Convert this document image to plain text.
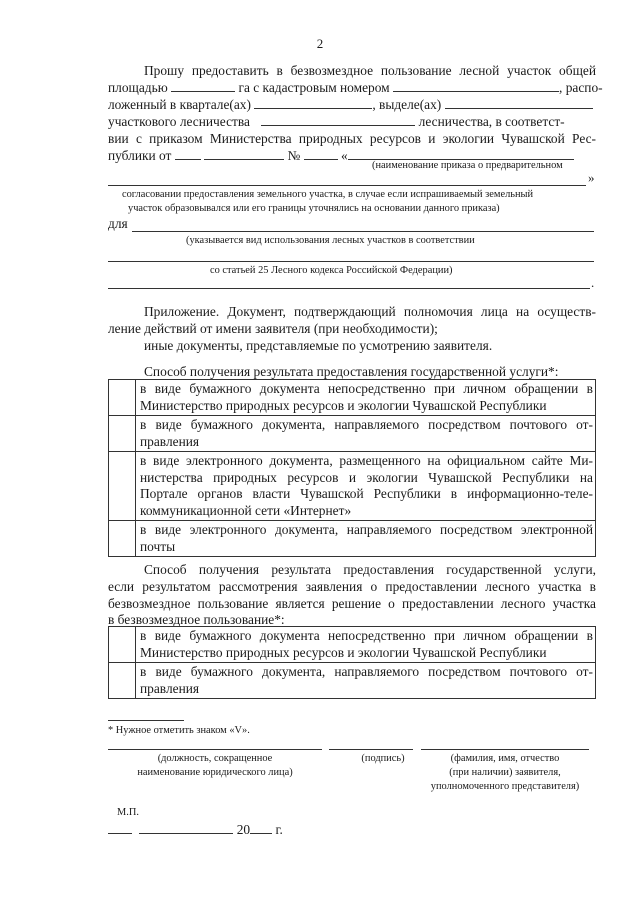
2
Прошу предоставить в безвозмездное пользование лесной участок общей
площадью	га с кадастровым номером	, распо-
ложенный в квартале(ах)	, выделе(ах)
участкового лесничества	лесничества, в соответст-
вии с приказом Министерства природных ресурсов и экологии Чувашской Рес-
публики от	№	«
(наименование приказа о предварительном
»
согласовании предоставления земельного участка, в случае если испрашиваемый земельный
участок образовывался или его границы уточнялись на основании данного приказа)
для
(указывается вид использования лесных участков в соответствии
со статьей 25 Лесного кодекса Российской Федерации)
.
Приложение. Документ, подтверждающий полномочия лица на осуществ-
ление действий от имени заявителя (при необходимости);
иные документы, представляемые по усмотрению заявителя.
Способ получения результата предоставления государственной услуги*:

	в виде бумажного документа непосредственно при личном обращении в
Министерство природных ресурсов и экологии Чувашской Республики

	в виде бумажного документа, направляемого посредством почтового от-
правления

	в виде электронного документа, размещенного на официальном сайте Ми-
нистерства природных ресурсов и экологии Чувашской Республики на
Портале органов власти Чувашской Республики в информационно-теле-
коммуникационной сети «Интернет»

	в виде электронного документа, направляемого посредством электронной
почты
Способ получения результата предоставления государственной услуги,
если результатом рассмотрения заявления о предоставлении лесного участка в
безвозмездное пользование является решение о предоставлении лесного участка
в безвозмездное пользование*:

	в виде бумажного документа непосредственно при личном обращении в
Министерство природных ресурсов и экологии Чувашской Республики

	в виде бумажного документа, направляемого посредством почтового от-
правления
* Нужное отметить знаком «V».
(должность, сокращенное
наименование юридического лица)
(подпись)	(фамилия, имя, отчество
(при наличии) заявителя,
уполномоченного представителя)
М.П.
20 г.
